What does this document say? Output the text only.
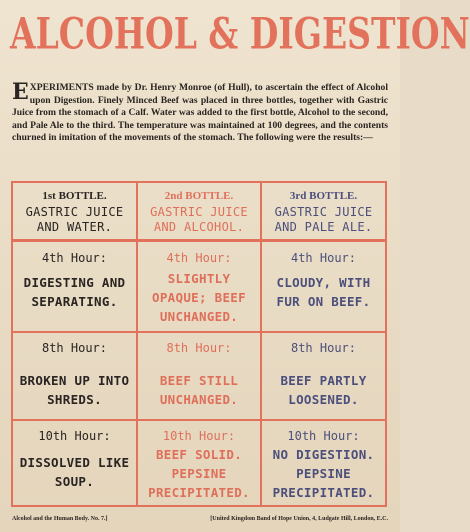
ALCOHOL & DIGESTION
EXPERIMENTS made by Dr. Henry Monroe (of Hull), to ascertain the effect of Alcohol upon Digestion. Finely Minced Beef was placed in three bottles, together with Gastric Juice from the stomach of a Calf. Water was added to the first bottle, Alcohol to the second, and Pale Ale to the third. The temperature was maintained at 100 degrees, and the contents churned in imitation of the movements of the stomach. The following were the results:—
1st BOTTLE.
GASTRIC JUICE
AND WATER.
2nd BOTTLE.
GASTRIC JUICE
AND ALCOHOL.
3rd BOTTLE.
GASTRIC JUICE
AND PALE ALE.
4th Hour:
DIGESTING AND
SEPARATING.
4th Hour:
SLIGHTLY
OPAQUE; BEEF
UNCHANGED.
4th Hour:
CLOUDY, WITH
FUR ON BEEF.
8th Hour:
BROKEN UP INTO
SHREDS.
8th Hour:
BEEF STILL
UNCHANGED.
8th Hour:
BEEF PARTLY
LOOSENED.
10th Hour:
DISSOLVED LIKE
SOUP.
10th Hour:
BEEF SOLID.
PEPSINE
PRECIPITATED.
10th Hour:
NO DIGESTION.
PEPSINE
PRECIPITATED.
Alcohol and the Human Body. No. 7.]	[United Kingdom Band of Hope Union, 4, Ludgate Hill, London, E.C.
